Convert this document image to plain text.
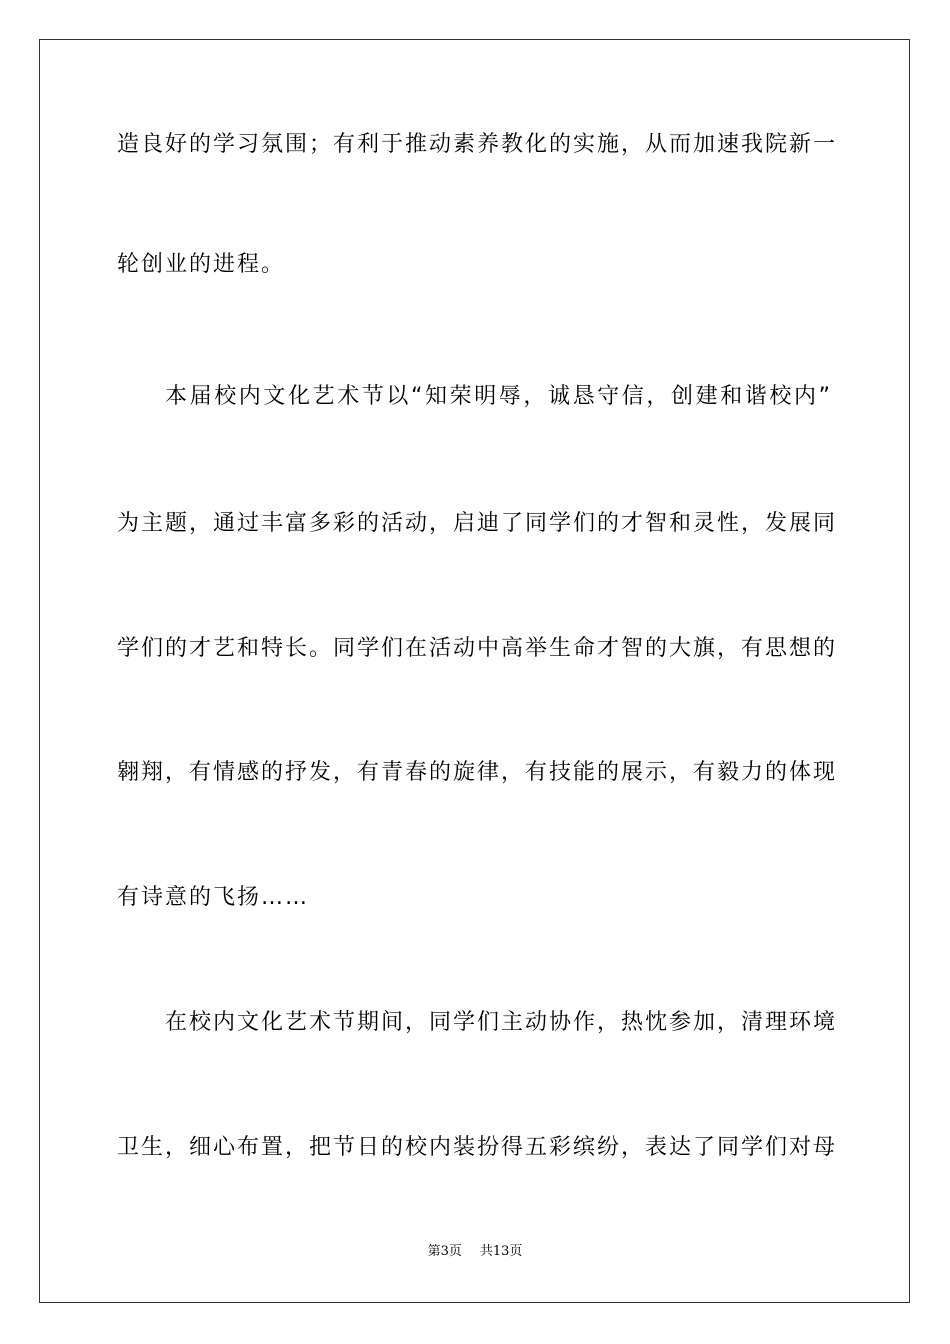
造良好的学习氛围；有利于推动素养教化的实施，从而加速我院新一
轮创业的进程。
本届校内文化艺术节以“知荣明辱，诚恳守信，创建和谐校内”
为主题，通过丰富多彩的活动，启迪了同学们的才智和灵性，发展同
学们的才艺和特长。同学们在活动中高举生命才智的大旗，有思想的
翱翔，有情感的抒发，有青春的旋律，有技能的展示，有毅力的体现
有诗意的飞扬……
在校内文化艺术节期间，同学们主动协作，热忱参加，清理环境
卫生，细心布置，把节日的校内装扮得五彩缤纷，表达了同学们对母
第3页 共13页
